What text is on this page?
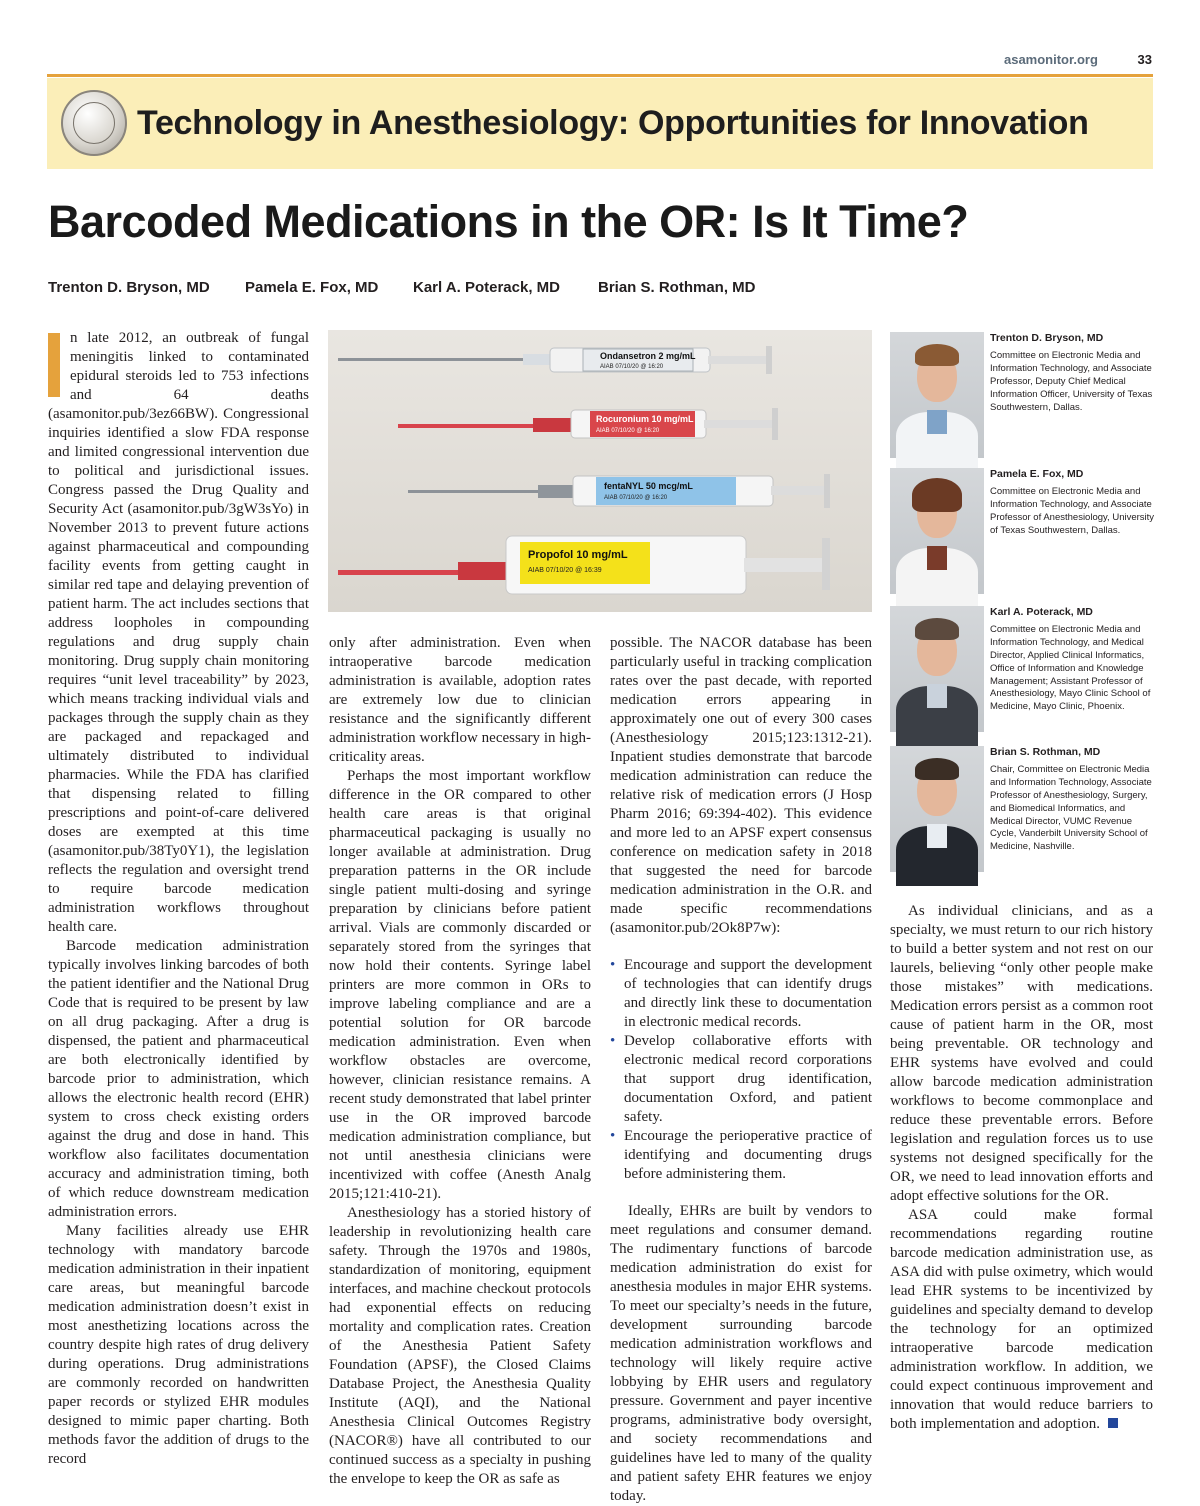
asamonitor.org	33
Technology in Anesthesiology: Opportunities for Innovation
Barcoded Medications in the OR: Is It Time?
Trenton D. Bryson, MD Pamela E. Fox, MD Karl A. Poterack, MD	Brian S. Rothman, MD

n late 2012, an outbreak of fungal meningitis linked to contaminated epidural steroids led to 753 infections and 64 deaths (asamonitor.pub/3ez66BW). Congressional inquiries identified a slow FDA response and limited congressional intervention due to political and jurisdictional issues. Congress passed the Drug Quality and Security Act (asamonitor.pub/3gW3sYo) in November 2013 to prevent future actions against pharmaceutical and compounding facility events from getting caught in similar red tape and delaying prevention of patient harm. The act includes sections that address loopholes in compounding regulations and drug supply chain monitoring. Drug supply chain monitoring requires “unit level traceability” by 2023, which means tracking individual vials and packages through the supply chain as they are packaged and repackaged and ultimately distributed to individual pharmacies. While the FDA has clarified that dispensing related to filling prescriptions and point-of-care delivered doses are exempted at this time (asamonitor.pub/38Ty0Y1), the legislation reflects the regulation and oversight trend to require barcode medication administration workflows throughout health care.

Barcode medication administration typically involves linking barcodes of both the patient identifier and the National Drug Code that is required to be present by law on all drug packaging. After a drug is dispensed, the patient and pharmaceutical are both electronically identified by barcode prior to administration, which allows the electronic health record (EHR) system to cross check existing orders against the drug and dose in hand. This workflow also facilitates documentation accuracy and administration timing, both of which reduce downstream medication administration errors.

Many facilities already use EHR technology with mandatory barcode medication administration in their inpatient care areas, but meaningful barcode medication administration doesn’t exist in most anesthetizing locations across the country despite high rates of drug delivery during operations. Drug administrations are commonly recorded on handwritten paper records or stylized EHR modules designed to mimic paper charting. Both methods favor the addition of drugs to the record

Ondansetron 2 mg/mL
AIAB 07/10/20 @ 16:20
Rocuronium 10 mg/mL
AIAB 07/10/20 @ 16:20
fentaNYL 50 mcg/mL
AIAB 07/10/20 @ 16:20
Propofol 10 mg/mL
AIAB 07/10/20 @ 16:39

only after administration. Even when intraoperative barcode medication administration is available, adoption rates are extremely low due to clinician resistance and the significantly different administration workflow necessary in high-criticality areas.

Perhaps the most important workflow difference in the OR compared to other health care areas is that original pharmaceutical packaging is usually no longer available at administration. Drug preparation patterns in the OR include single patient multi-dosing and syringe preparation by clinicians before patient arrival. Vials are commonly discarded or separately stored from the syringes that now hold their contents. Syringe label printers are more common in ORs to improve labeling compliance and are a potential solution for OR barcode medication administration. Even when workflow obstacles are overcome, however, clinician resistance remains. A recent study demonstrated that label printer use in the OR improved barcode medication administration compliance, but not until anesthesia clinicians were incentivized with coffee (Anesth Analg 2015;121:410-21).

Anesthesiology has a storied history of leadership in revolutionizing health care safety. Through the 1970s and 1980s, standardization of monitoring, equipment interfaces, and machine checkout protocols had exponential effects on reducing mortality and complication rates. Creation of the Anesthesia Patient Safety Foundation (APSF), the Closed Claims Database Project, the Anesthesia Quality Institute (AQI), and the National Anesthesia Clinical Outcomes Registry (NACOR®) have all contributed to our continued success as a specialty in pushing the envelope to keep the OR as safe as

possible. The NACOR database has been particularly useful in tracking complication rates over the past decade, with reported medication errors appearing in approximately one out of every 300 cases (Anesthesiology 2015;123:1312-21). Inpatient studies demonstrate that barcode medication administration can reduce the relative risk of medication errors (J Hosp Pharm 2016; 69:394-402). This evidence and more led to an APSF expert consensus conference on medication safety in 2018 that suggested the need for barcode medication administration in the O.R. and made specific recommendations (asamonitor.pub/2Ok8P7w):

• Encourage and support the development of technologies that can identify drugs and directly link these to documentation in electronic medical records.
• Develop collaborative efforts with electronic medical record corporations that support drug identification, documentation Oxford, and patient safety.
• Encourage the perioperative practice of identifying and documenting drugs before administering them.

Ideally, EHRs are built by vendors to meet regulations and consumer demand. The rudimentary functions of barcode medication administration do exist for anesthesia modules in major EHR systems. To meet our specialty’s needs in the future, development surrounding barcode medication administration workflows and technology will likely require active lobbying by EHR users and regulatory pressure. Government and payer incentive programs, administrative body oversight, and society recommendations and guidelines have led to many of the quality and patient safety EHR features we enjoy today.

Trenton D. Bryson, MD
Committee on Electronic Media and Information Technology, and Associate Professor, Deputy Chief Medical Information Officer, University of Texas Southwestern, Dallas.
Pamela E. Fox, MD
Committee on Electronic Media and Information Technology, and Associate Professor of Anesthesiology, University of Texas Southwestern, Dallas.
Karl A. Poterack, MD
Committee on Electronic Media and Information Technology, and Medical Director, Applied Clinical Informatics, Office of Information and Knowledge Management; Assistant Professor of Anesthesiology, Mayo Clinic School of Medicine, Mayo Clinic, Phoenix.
Brian S. Rothman, MD
Chair, Committee on Electronic Media and Information Technology, Associate Professor of Anesthesiology, Surgery, and Biomedical Informatics, and Medical Director, VUMC Revenue Cycle, Vanderbilt University School of Medicine, Nashville.

As individual clinicians, and as a specialty, we must return to our rich history to build a better system and not rest on our laurels, believing “only other people make those mistakes” with medications. Medication errors persist as a common root cause of patient harm in the OR, most being preventable. OR technology and EHR systems have evolved and could allow barcode medication administration workflows to become commonplace and reduce these preventable errors. Before legislation and regulation forces us to use systems not designed specifically for the OR, we need to lead innovation efforts and adopt effective solutions for the OR.

ASA could make formal recommendations regarding routine barcode medication administration use, as ASA did with pulse oximetry, which would lead EHR systems to be incentivized by guidelines and specialty demand to develop the technology for an optimized intraoperative barcode medication administration workflow. In addition, we could expect continuous improvement and innovation that would reduce barriers to both implementation and adoption.
